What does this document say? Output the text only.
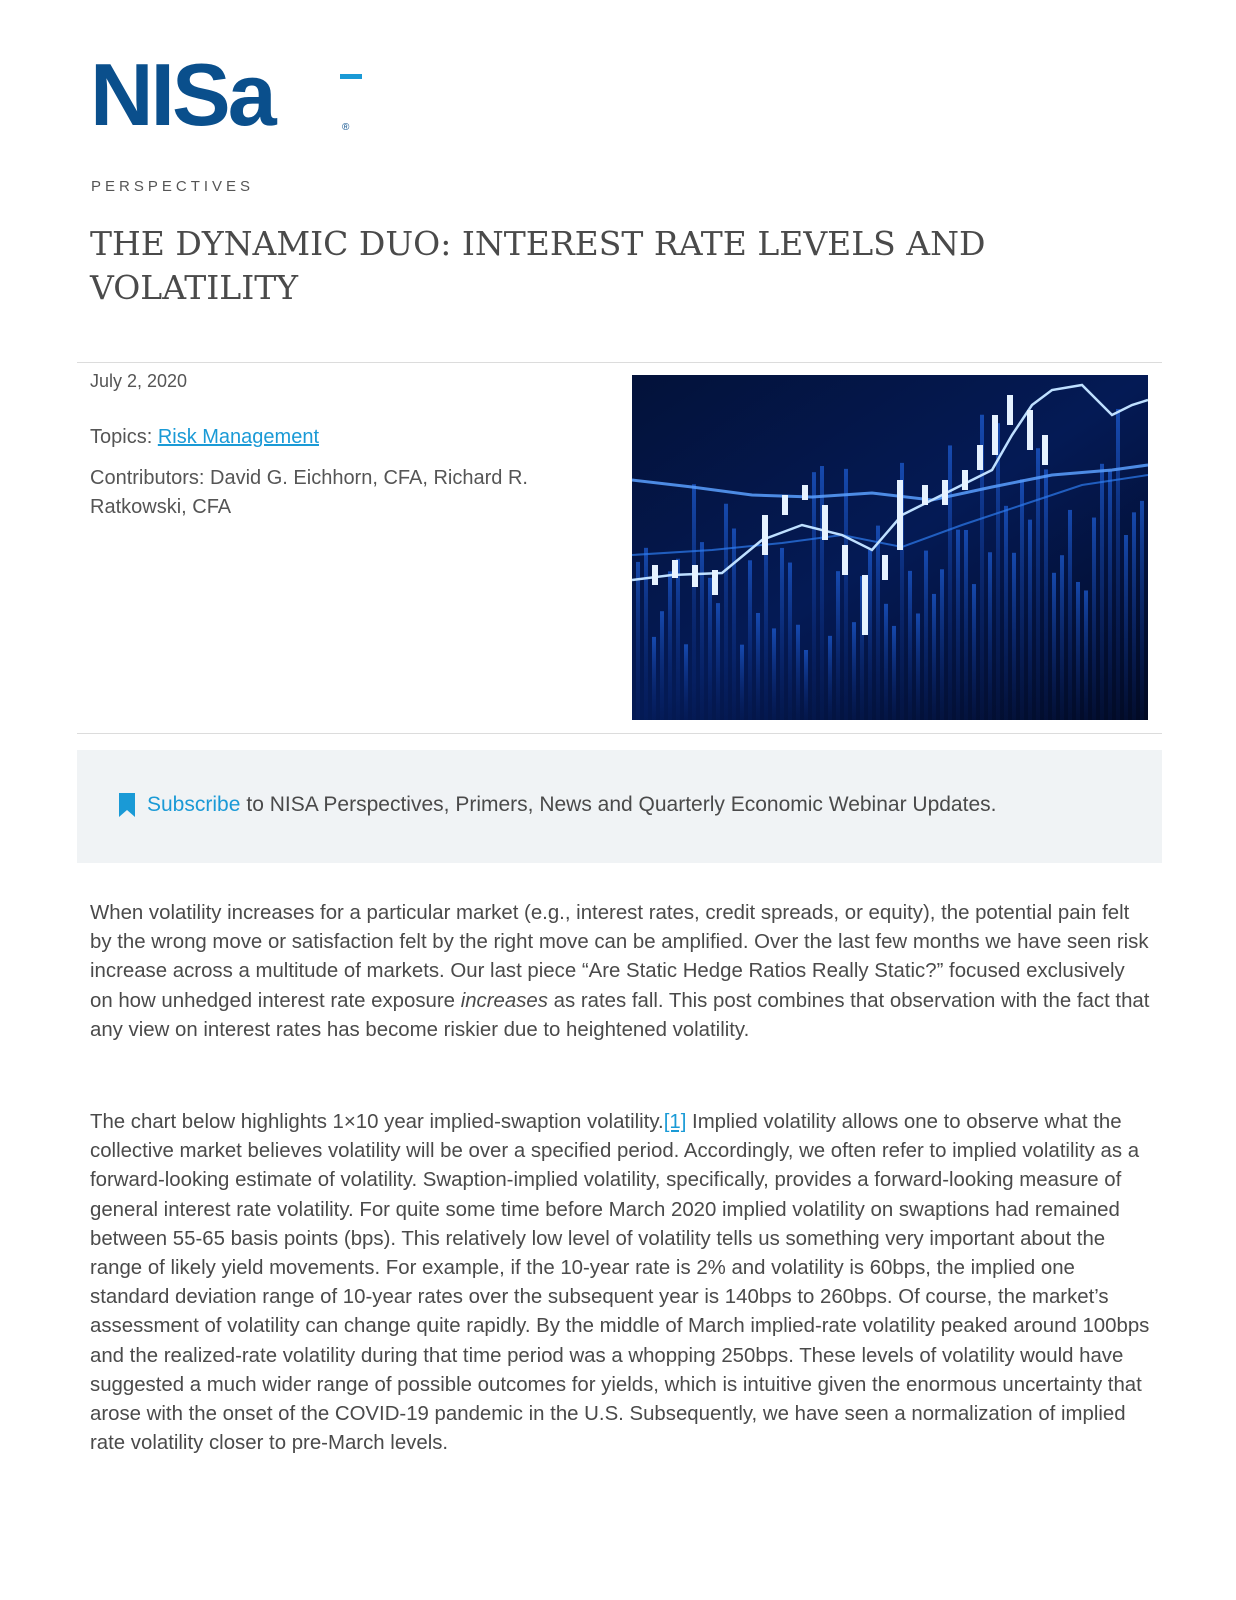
NISa	®
PERSPECTIVES
THE DYNAMIC DUO: INTEREST RATE LEVELS AND VOLATILITY
July 2, 2020
Topics: Risk Management
Contributors: David G. Eichhorn, CFA, Richard R. Ratkowski, CFA
Subscribe to NISA Perspectives, Primers, News and Quarterly Economic Webinar Updates.

When volatility increases for a particular market (e.g., interest rates, credit spreads, or equity), the potential pain felt by the wrong move or satisfaction felt by the right move can be amplified. Over the last few months we have seen risk increase across a multitude of markets. Our last piece “Are Static Hedge Ratios Really Static?” focused exclusively on how unhedged interest rate exposure increases as rates fall. This post combines that observation with the fact that any view on interest rates has become riskier due to heightened volatility.

The chart below highlights 1×10 year implied-swaption volatility.[1] Implied volatility allows one to observe what the collective market believes volatility will be over a specified period. Accordingly, we often refer to implied volatility as a forward-looking estimate of volatility. Swaption-implied volatility, specifically, provides a forward-looking measure of general interest rate volatility. For quite some time before March 2020 implied volatility on swaptions had remained between 55-65 basis points (bps). This relatively low level of volatility tells us something very important about the range of likely yield movements. For example, if the 10-year rate is 2% and volatility is 60bps, the implied one standard deviation range of 10-year rates over the subsequent year is 140bps to 260bps. Of course, the market’s assessment of volatility can change quite rapidly. By the middle of March implied-rate volatility peaked around 100bps and the realized-rate volatility during that time period was a whopping 250bps. These levels of volatility would have suggested a much wider range of possible outcomes for yields, which is intuitive given the enormous uncertainty that arose with the onset of the COVID-19 pandemic in the U.S. Subsequently, we have seen a normalization of implied rate volatility closer to pre-March levels.
